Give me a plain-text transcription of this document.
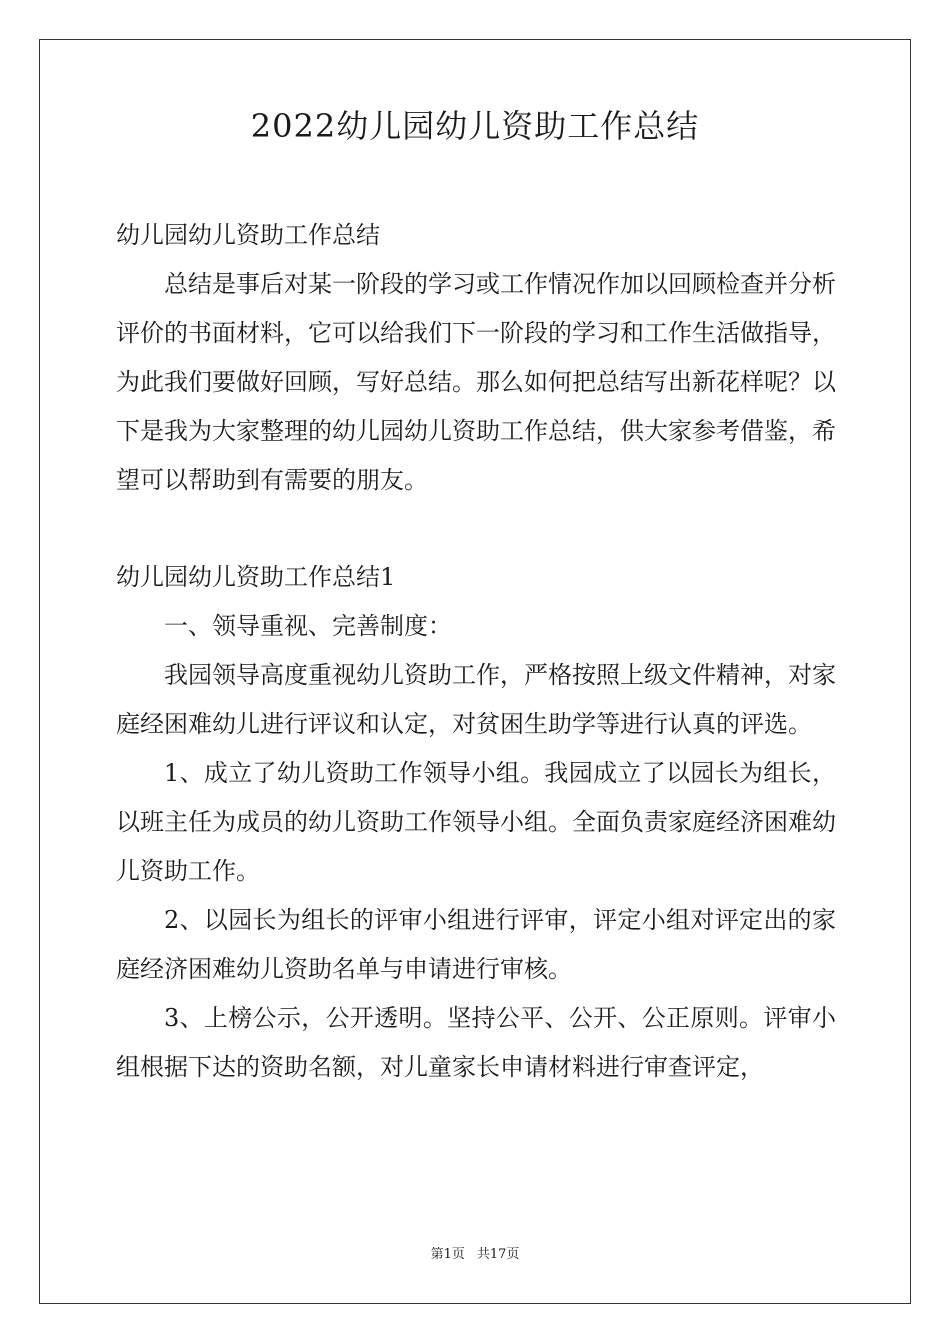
2022幼儿园幼儿资助工作总结
幼儿园幼儿资助工作总结

总结是事后对某一阶段的学习或工作情况作加以回顾检查并分析评价的书面材料，它可以给我们下一阶段的学习和工作生活做指导，为此我们要做好回顾，写好总结。那么如何把总结写出新花样呢？以下是我为大家整理的幼儿园幼儿资助工作总结，供大家参考借鉴，希望可以帮助到有需要的朋友。

幼儿园幼儿资助工作总结1
一、领导重视、完善制度：

我园领导高度重视幼儿资助工作，严格按照上级文件精神，对家庭经困难幼儿进行评议和认定，对贫困生助学等进行认真的评选。

1、成立了幼儿资助工作领导小组。我园成立了以园长为组长，以班主任为成员的幼儿资助工作领导小组。全面负责家庭经济困难幼儿资助工作。

2、以园长为组长的评审小组进行评审，评定小组对评定出的家庭经济困难幼儿资助名单与申请进行审核。

3、上榜公示，公开透明。坚持公平、公开、公正原则。评审小组根据下达的资助名额，对儿童家长申请材料进行审查评定，

第1页 共17页
